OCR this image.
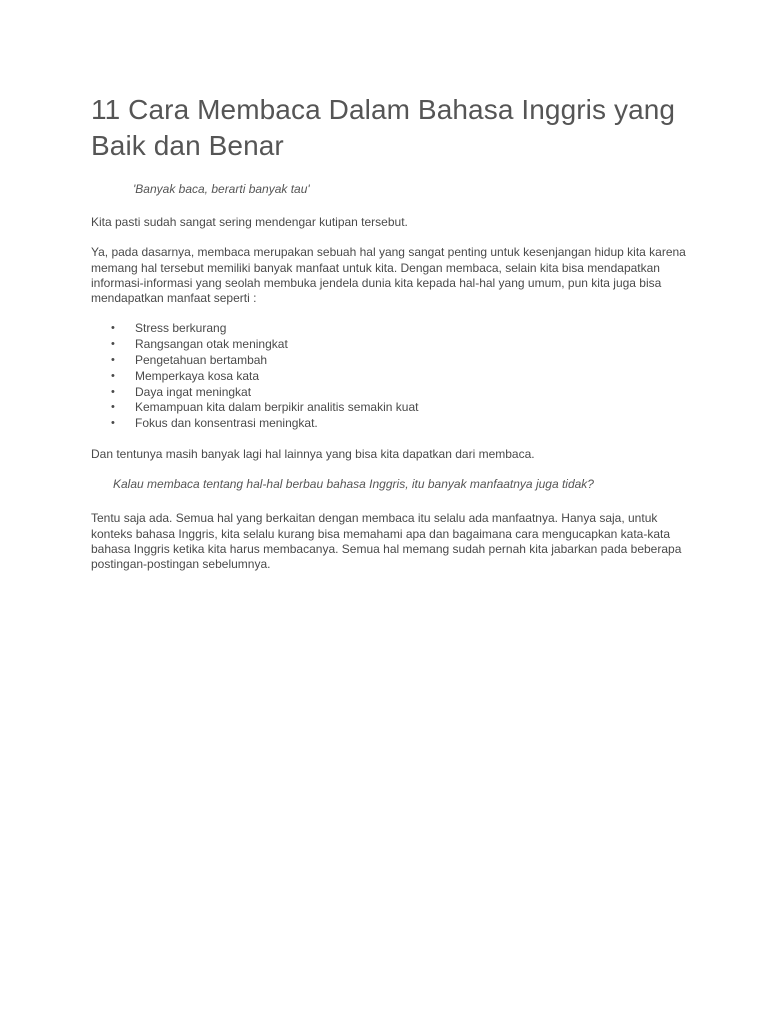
11 Cara Membaca Dalam Bahasa Inggris yang Baik dan Benar

'Banyak baca, berarti banyak tau'

Kita pasti sudah sangat sering mendengar kutipan tersebut.

Ya, pada dasarnya, membaca merupakan sebuah hal yang sangat penting untuk kesenjangan hidup kita karena memang hal tersebut memiliki banyak manfaat untuk kita. Dengan membaca, selain kita bisa mendapatkan informasi-informasi yang seolah membuka jendela dunia kita kepada hal-hal yang umum, pun kita juga bisa mendapatkan manfaat seperti :

• Stress berkurang
• Rangsangan otak meningkat
• Pengetahuan bertambah
• Memperkaya kosa kata
• Daya ingat meningkat
• Kemampuan kita dalam berpikir analitis semakin kuat
• Fokus dan konsentrasi meningkat.

Dan tentunya masih banyak lagi hal lainnya yang bisa kita dapatkan dari membaca.

Kalau membaca tentang hal-hal berbau bahasa Inggris, itu banyak manfaatnya juga tidak?

Tentu saja ada. Semua hal yang berkaitan dengan membaca itu selalu ada manfaatnya. Hanya saja, untuk konteks bahasa Inggris, kita selalu kurang bisa memahami apa dan bagaimana cara mengucapkan kata-kata bahasa Inggris ketika kita harus membacanya. Semua hal memang sudah pernah kita jabarkan pada beberapa postingan-postingan sebelumnya.
